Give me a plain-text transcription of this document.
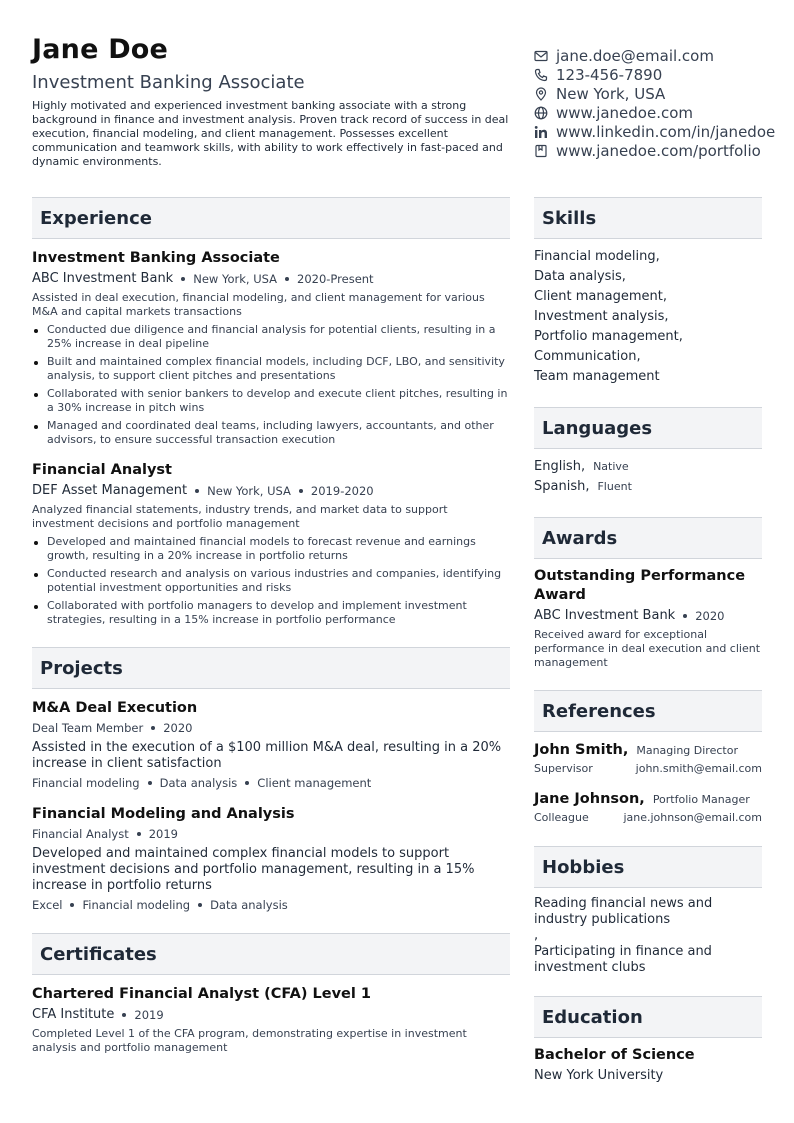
Jane Doe
Investment Banking Associate
Highly motivated and experienced investment banking associate with a strong background in finance and investment analysis. Proven track record of success in deal execution, financial modeling, and client management. Possesses excellent communication and teamwork skills, with ability to work effectively in fast-paced and dynamic environments.
jane.doe@email.com
123-456-7890
New York, USA
www.janedoe.com
www.linkedin.com/in/janedoe
www.janedoe.com/portfolio
Experience
Investment Banking Associate
ABC Investment Bank New York, USA 2020-Present
Assisted in deal execution, financial modeling, and client management for various M&A and capital markets transactions
Conducted due diligence and financial analysis for potential clients, resulting in a 25% increase in deal pipeline
Built and maintained complex financial models, including DCF, LBO, and sensitivity analysis, to support client pitches and presentations
Collaborated with senior bankers to develop and execute client pitches, resulting in a 30% increase in pitch wins
Managed and coordinated deal teams, including lawyers, accountants, and other advisors, to ensure successful transaction execution
Financial Analyst
DEF Asset Management New York, USA 2019-2020
Analyzed financial statements, industry trends, and market data to support investment decisions and portfolio management
Developed and maintained financial models to forecast revenue and earnings growth, resulting in a 20% increase in portfolio returns
Conducted research and analysis on various industries and companies, identifying potential investment opportunities and risks
Collaborated with portfolio managers to develop and implement investment strategies, resulting in a 15% increase in portfolio performance
Projects
M&A Deal Execution
Deal Team Member 2020
Assisted in the execution of a $100 million M&A deal, resulting in a 20% increase in client satisfaction
Financial modeling Data analysis Client management
Financial Modeling and Analysis
Financial Analyst 2019
Developed and maintained complex financial models to support investment decisions and portfolio management, resulting in a 15% increase in portfolio returns
Excel Financial modeling Data analysis
Certificates
Chartered Financial Analyst (CFA) Level 1
CFA Institute 2019
Completed Level 1 of the CFA program, demonstrating expertise in investment analysis and portfolio management
Skills
Financial modeling,
Data analysis,
Client management,
Investment analysis,
Portfolio management,
Communication,
Team management
Languages
English, Native
Spanish, Fluent
Awards
Outstanding Performance Award
ABC Investment Bank 2020
Received award for exceptional performance in deal execution and client management
References
John Smith, Managing Director
Supervisor	john.smith@email.com
Jane Johnson, Portfolio Manager
Colleague	jane.johnson@email.com
Hobbies
Reading financial news and industry publications
,
Participating in finance and investment clubs
Education
Bachelor of Science
New York University
